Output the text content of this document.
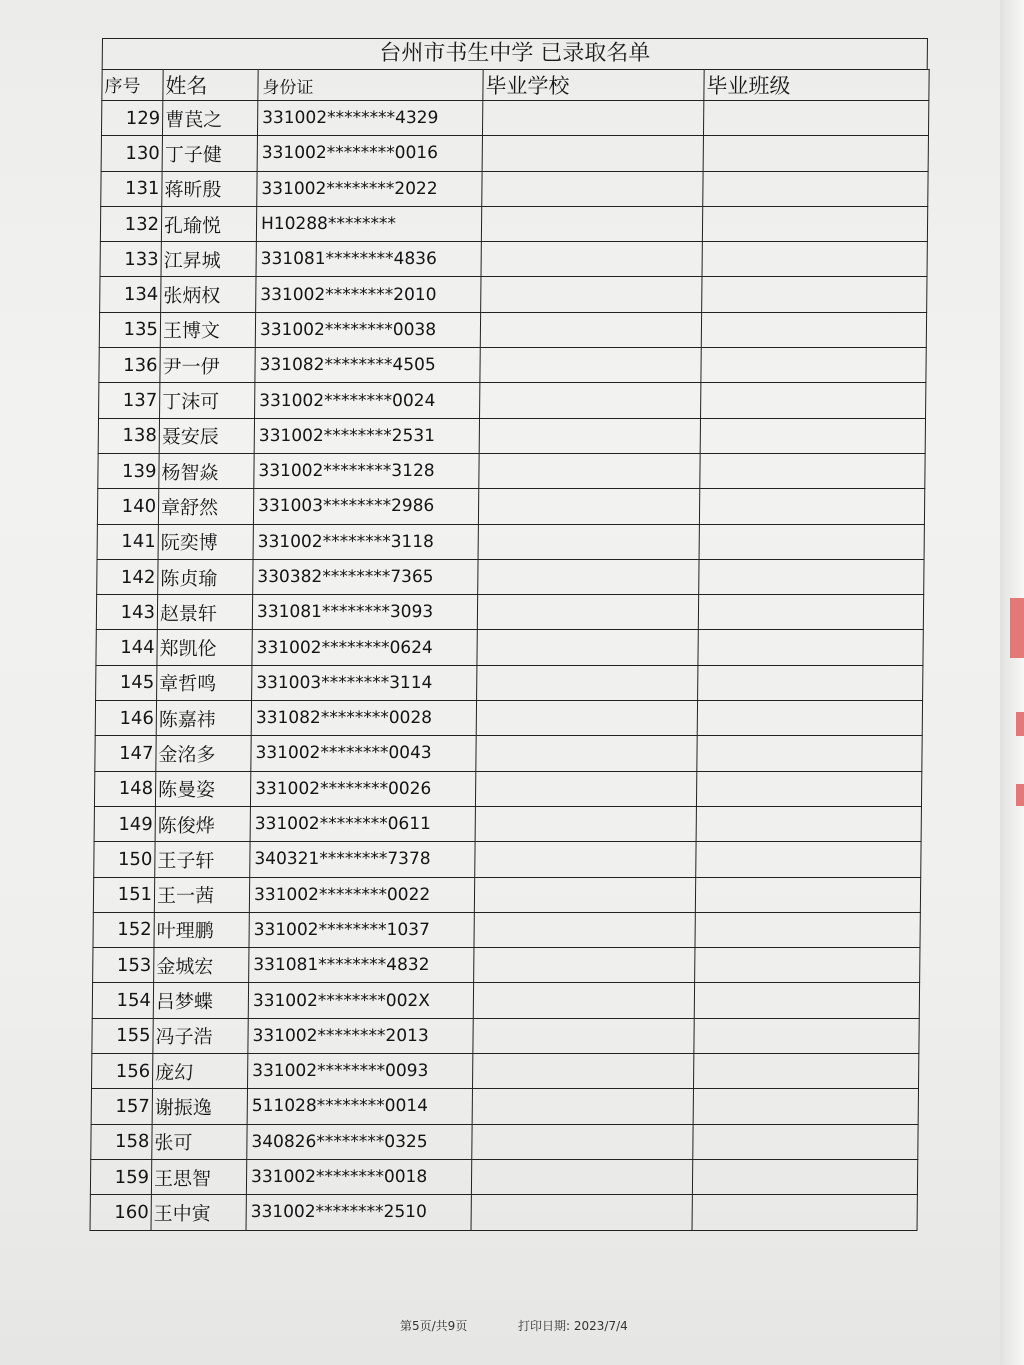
台州市书生中学 已录取名单
序号	姓名	身份证	毕业学校	毕业班级
129	曹苠之	331002********4329		
130	丁子健	331002********0016		
131	蒋昕殷	331002********2022		
132	孔瑜悦	H10288********		
133	江昇城	331081********4836		
134	张炳权	331002********2010		
135	王博文	331002********0038		
136	尹一伊	331082********4505		
137	丁沫可	331002********0024		
138	聂安辰	331002********2531		
139	杨智焱	331002********3128		
140	章舒然	331003********2986		
141	阮奕博	331002********3118		
142	陈贞瑜	330382********7365		
143	赵景轩	331081********3093		
144	郑凯伦	331002********0624		
145	章哲鸣	331003********3114		
146	陈嘉祎	331082********0028		
147	金洺多	331002********0043		
148	陈曼姿	331002********0026		
149	陈俊烨	331002********0611		
150	王子轩	340321********7378		
151	王一茜	331002********0022		
152	叶理鹏	331002********1037		
153	金城宏	331081********4832		
154	吕梦蝶	331002********002X		
155	冯子浩	331002********2013		
156	庞幻	331002********0093		
157	谢振逸	511028********0014		
158	张可	340826********0325		
159	王思智	331002********0018		
160	王中寅	331002********2510		
第5页/共9页	打印日期: 2023/7/4
